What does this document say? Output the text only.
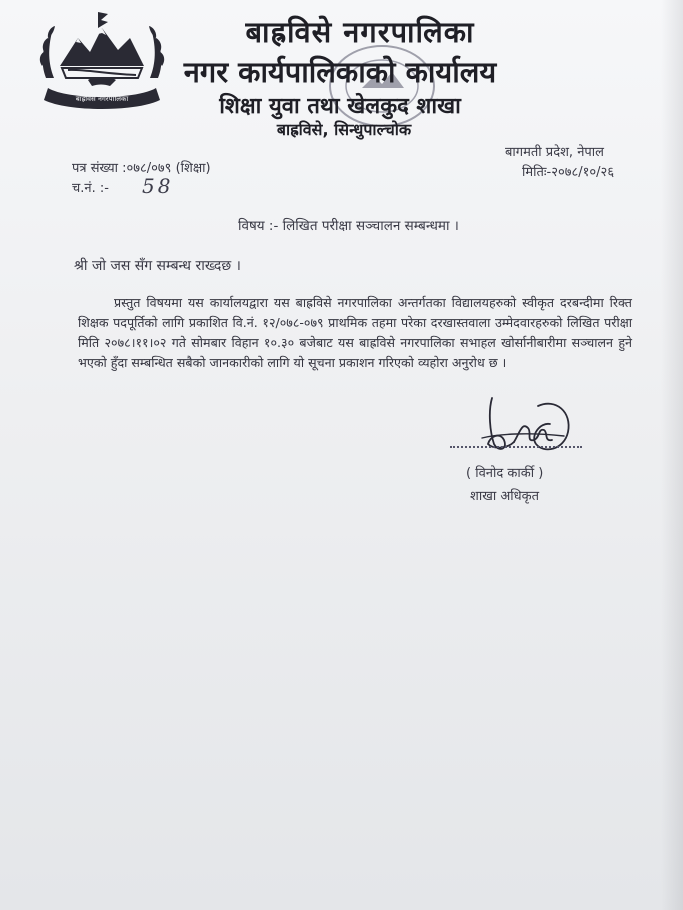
बाह्रविसे नगरपालिका
बाह्रविसे नगरपालिका
नगर कार्यपालिकाको कार्यालय
शिक्षा युवा तथा खेलकुद शाखा
बाह्रविसे, सिन्धुपाल्चोक
बागमती प्रदेश, नेपाल
मितिः-२०७८/१०/२६
पत्र संख्या :०७८/०७९ (शिक्षा)
च.नं. :- 58
विषय :- लिखित परीक्षा सञ्चालन सम्बन्धमा ।
श्री जो जस सँग सम्बन्ध राख्दछ ।
प्रस्तुत विषयमा यस कार्यालयद्वारा यस बाह्रविसे नगरपालिका अन्तर्गतका विद्यालयहरुको स्वीकृत दरबन्दीमा रिक्त शिक्षक पदपूर्तिको लागि प्रकाशित वि.नं. १२/०७८-०७९ प्राथमिक तहमा परेका दरखास्तवाला उम्मेदवारहरुको लिखित परीक्षा मिति २०७८।११।०२ गते सोमबार विहान १०.३० बजेबाट यस बाह्रविसे नगरपालिका सभाहल खोर्सानीबारीमा सञ्चालन हुने भएको हुँदा सम्बन्धित सबैको जानकारीको लागि यो सूचना प्रकाशन गरिएको व्यहोरा अनुरोध छ ।
( विनोद कार्की )
शाखा अधिकृत
